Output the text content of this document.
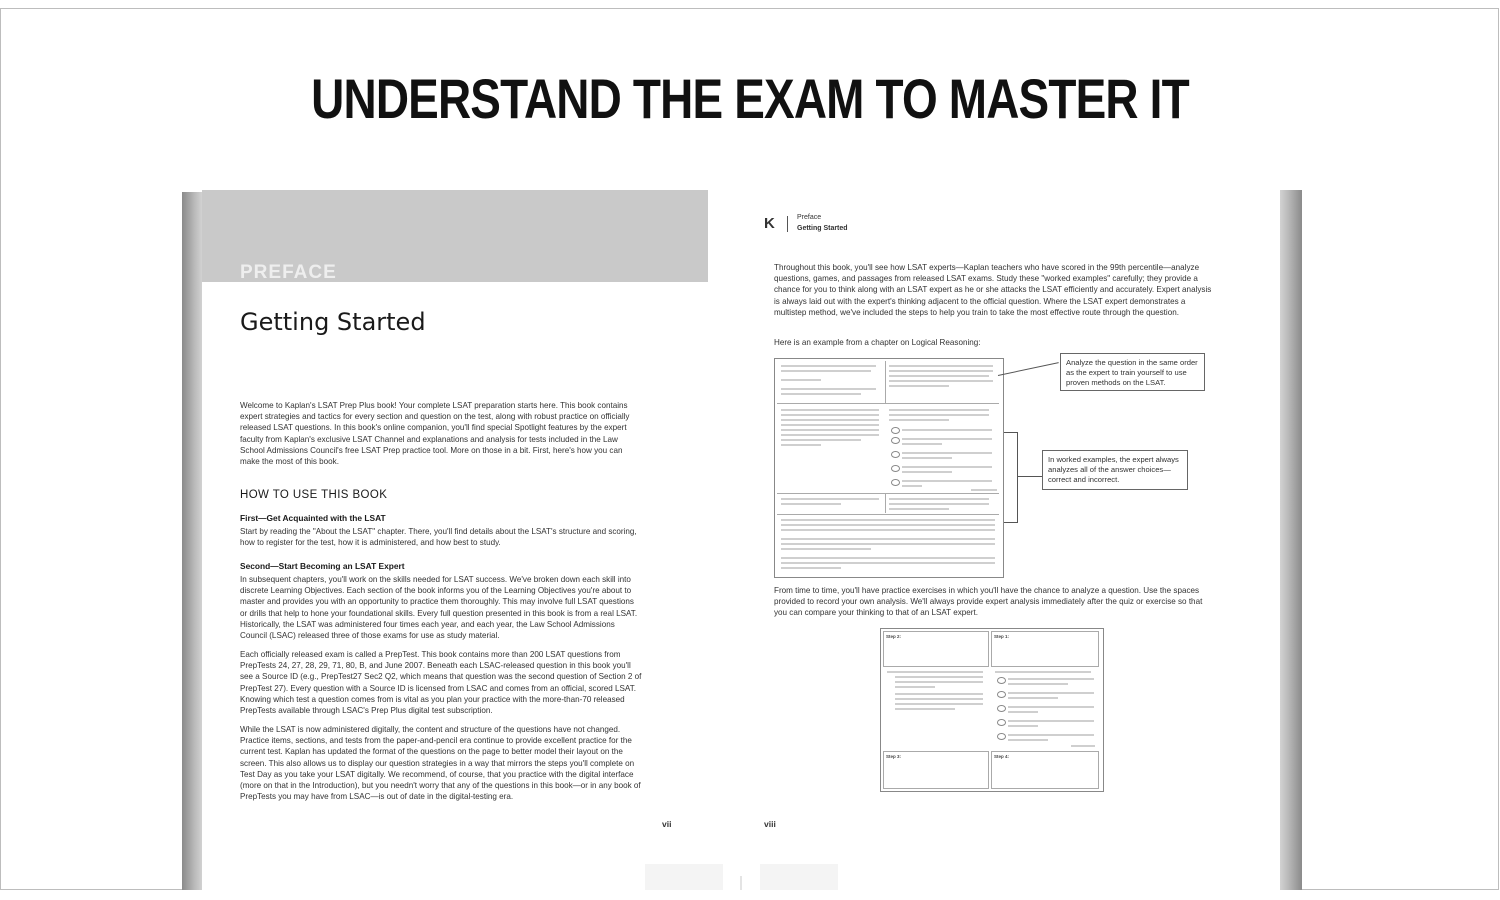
UNDERSTAND THE EXAM TO MASTER IT
PREFACE
Getting Started

Welcome to Kaplan's LSAT Prep Plus book! Your complete LSAT preparation starts here. This book contains expert strategies and tactics for every section and question on the test, along with robust practice on officially released LSAT questions. In this book's online companion, you'll find special Spotlight features by the expert faculty from Kaplan's exclusive LSAT Channel and explanations and analysis for tests included in the Law School Admissions Council's free LSAT Prep practice tool. More on those in a bit. First, here's how you can make the most of this book.

HOW TO USE THIS BOOK
First—Get Acquainted with the LSAT

Start by reading the "About the LSAT" chapter. There, you'll find details about the LSAT's structure and scoring, how to register for the test, how it is administered, and how best to study.

Second—Start Becoming an LSAT Expert

In subsequent chapters, you'll work on the skills needed for LSAT success. We've broken down each skill into discrete Learning Objectives. Each section of the book informs you of the Learning Objectives you're about to master and provides you with an opportunity to practice them thoroughly. This may involve full LSAT questions or drills that help to hone your foundational skills. Every full question presented in this book is from a real LSAT. Historically, the LSAT was administered four times each year, and each year, the Law School Admissions Council (LSAC) released three of those exams for use as study material.

Each officially released exam is called a PrepTest. This book contains more than 200 LSAT questions from PrepTests 24, 27, 28, 29, 71, 80, B, and June 2007. Beneath each LSAC-released question in this book you'll see a Source ID (e.g., PrepTest27 Sec2 Q2, which means that question was the second question of Section 2 of PrepTest 27). Every question with a Source ID is licensed from LSAC and comes from an official, scored LSAT. Knowing which test a question comes from is vital as you plan your practice with the more-than-70 released PrepTests available through LSAC's Prep Plus digital test subscription.

While the LSAT is now administered digitally, the content and structure of the questions have not changed. Practice items, sections, and tests from the paper-and-pencil era continue to provide excellent practice for the current test. Kaplan has updated the format of the questions on the page to better model their layout on the screen. This also allows us to display our question strategies in a way that mirrors the steps you'll complete on Test Day as you take your LSAT digitally. We recommend, of course, that you practice with the digital interface (more on that in the Introduction), but you needn't worry that any of the questions in this book—or in any book of PrepTests you may have from LSAC—is out of date in the digital-testing era.

vii
K	Preface
Getting Started

Throughout this book, you'll see how LSAT experts—Kaplan teachers who have scored in the 99th percentile—analyze questions, games, and passages from released LSAT exams. Study these "worked examples" carefully; they provide a chance for you to think along with an LSAT expert as he or she attacks the LSAT efficiently and accurately. Expert analysis is always laid out with the expert's thinking adjacent to the official question. Where the LSAT expert demonstrates a multistep method, we've included the steps to help you train to take the most effective route through the question.

Here is an example from a chapter on Logical Reasoning:

Analyze the question in the same order as the expert to train yourself to use proven methods on the LSAT.
In worked examples, the expert always analyzes all of the answer choices—correct and incorrect.

From time to time, you'll have practice exercises in which you'll have the chance to analyze a question. Use the spaces provided to record your own analysis. We'll always provide expert analysis immediately after the quiz or exercise so that you can compare your thinking to that of an LSAT expert.

Step 2:	Step 1:
Step 3:	Step 4:
viii
